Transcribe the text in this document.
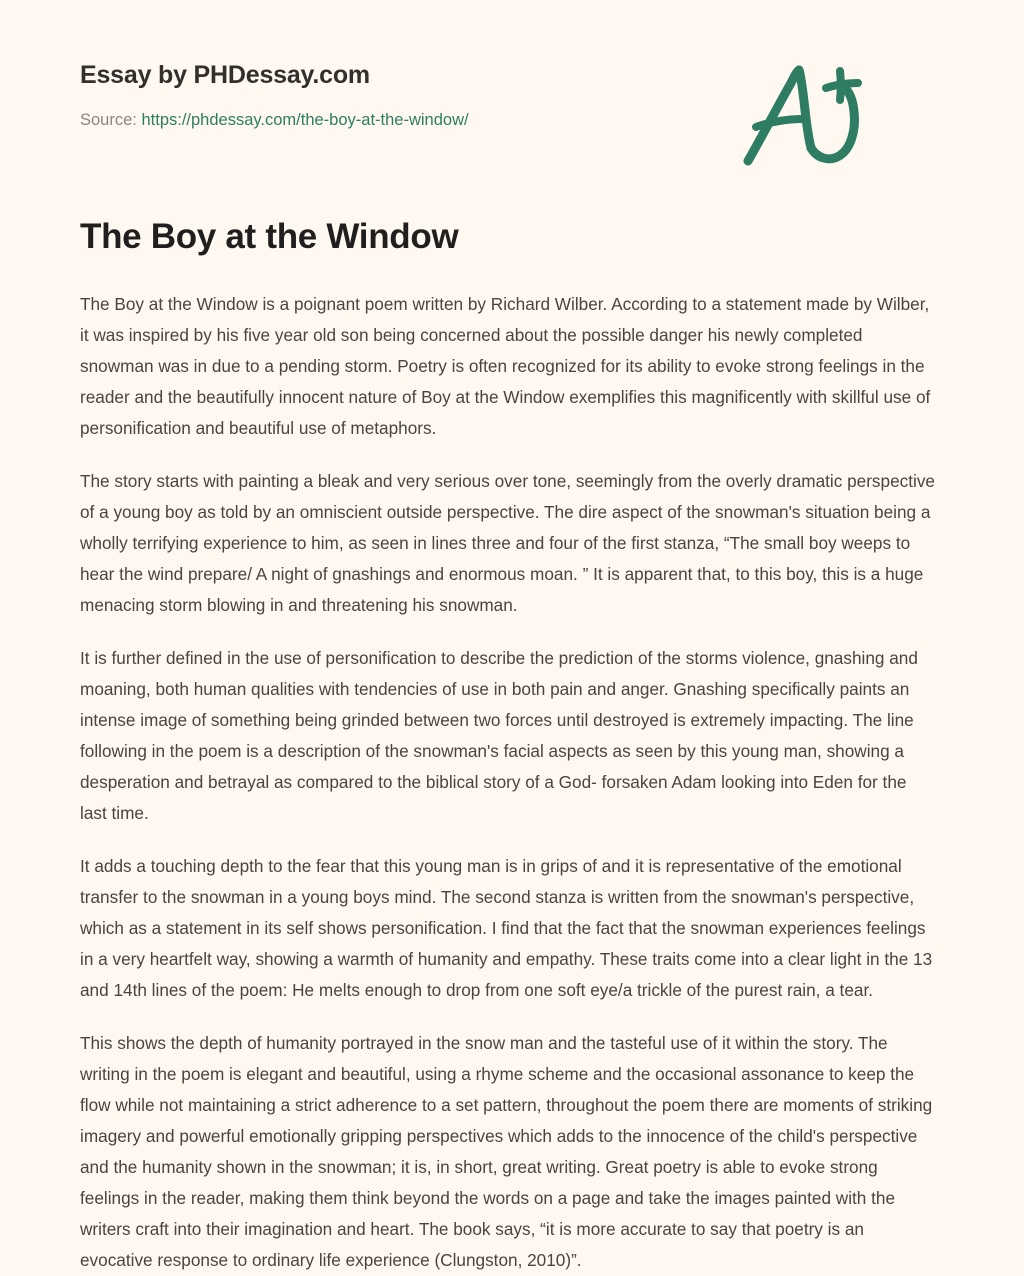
Essay by PHDessay.com
Source: https://phdessay.com/the-boy-at-the-window/
The Boy at the Window

The Boy at the Window is a poignant poem written by Richard Wilber. According to a statement made by Wilber, it was inspired by his five year old son being concerned about the possible danger his newly completed snowman was in due to a pending storm. Poetry is often recognized for its ability to evoke strong feelings in the reader and the beautifully innocent nature of Boy at the Window exemplifies this magnificently with skillful use of personification and beautiful use of metaphors.

The story starts with painting a bleak and very serious over tone, seemingly from the overly dramatic perspective of a young boy as told by an omniscient outside perspective. The dire aspect of the snowman's situation being a wholly terrifying experience to him, as seen in lines three and four of the first stanza, “The small boy weeps to hear the wind prepare/ A night of gnashings and enormous moan. ” It is apparent that, to this boy, this is a huge menacing storm blowing in and threatening his snowman.

It is further defined in the use of personification to describe the prediction of the storms violence, gnashing and moaning, both human qualities with tendencies of use in both pain and anger. Gnashing specifically paints an intense image of something being grinded between two forces until destroyed is extremely impacting. The line following in the poem is a description of the snowman's facial aspects as seen by this young man, showing a desperation and betrayal as compared to the biblical story of a God- forsaken Adam looking into Eden for the last time.

It adds a touching depth to the fear that this young man is in grips of and it is representative of the emotional transfer to the snowman in a young boys mind. The second stanza is written from the snowman's perspective, which as a statement in its self shows personification. I find that the fact that the snowman experiences feelings in a very heartfelt way, showing a warmth of humanity and empathy. These traits come into a clear light in the 13 and 14th lines of the poem: He melts enough to drop from one soft eye/a trickle of the purest rain, a tear.

This shows the depth of humanity portrayed in the snow man and the tasteful use of it within the story. The writing in the poem is elegant and beautiful, using a rhyme scheme and the occasional assonance to keep the flow while not maintaining a strict adherence to a set pattern, throughout the poem there are moments of striking imagery and powerful emotionally gripping perspectives which adds to the innocence of the child's perspective and the humanity shown in the snowman; it is, in short, great writing. Great poetry is able to evoke strong feelings in the reader, making them think beyond the words on a page and take the images painted with the writers craft into their imagination and heart. The book says, “it is more accurate to say that poetry is an evocative response to ordinary life experience (Clungston, 2010)”.
